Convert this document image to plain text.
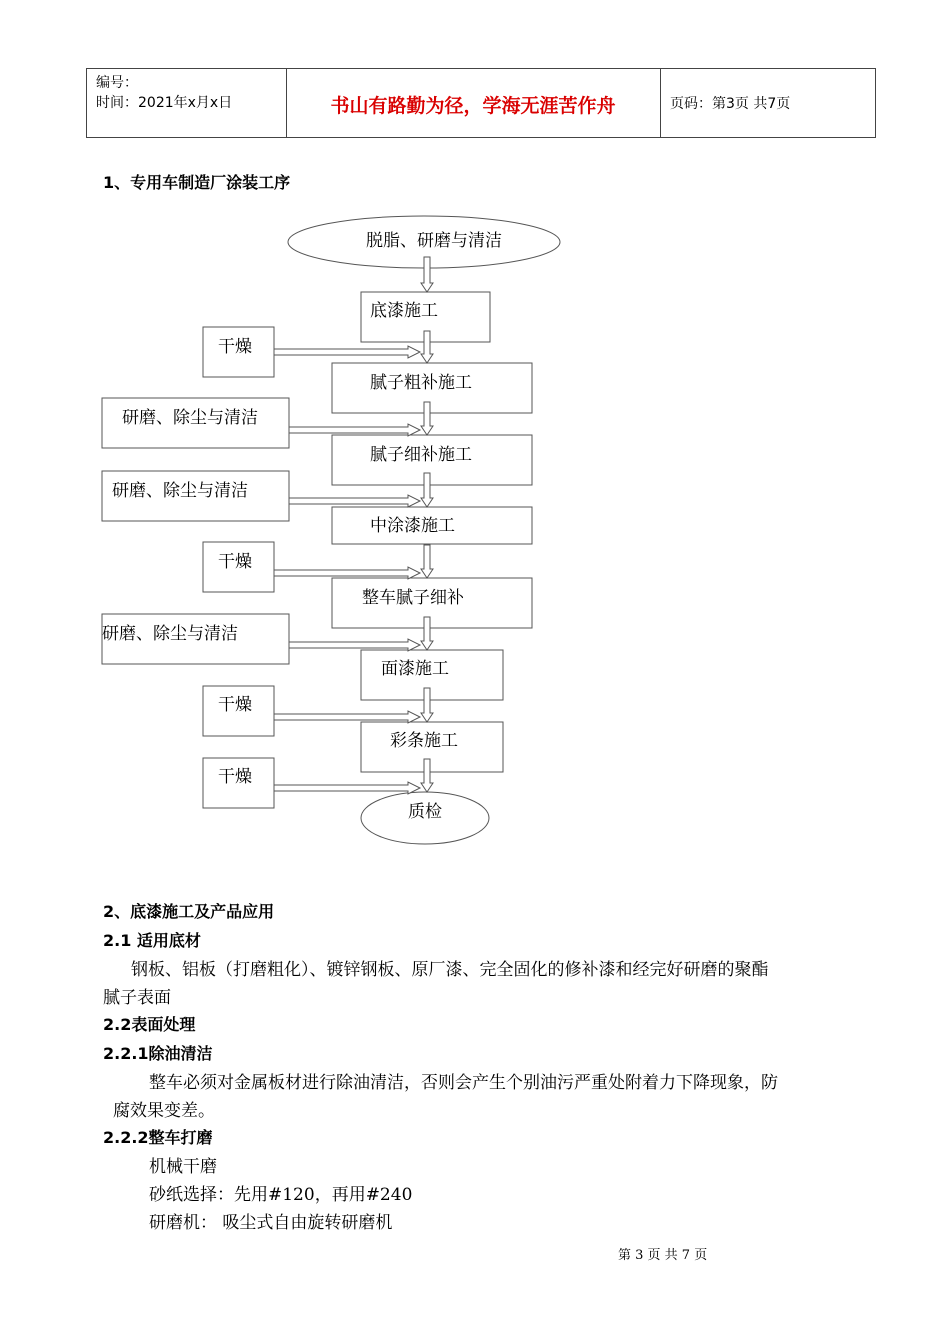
编号：
时间：2021年x月x日	书山有路勤为径，学海无涯苦作舟	页码：第3页 共7页
1、专用车制造厂涂装工序
脱脂、研磨与清洁
底漆施工
腻子粗补施工
腻子细补施工
中涂漆施工
整车腻子细补
面漆施工
彩条施工
质检
干燥
研磨、除尘与清洁
研磨、除尘与清洁
干燥
研磨、除尘与清洁
干燥
干燥
2、底漆施工及产品应用
2.1 适用底材
钢板、铝板（打磨粗化）、镀锌钢板、原厂漆、完全固化的修补漆和经完好研磨的聚酯
腻子表面
2.2表面处理
2.2.1除油清洁
整车必须对金属板材进行除油清洁，否则会产生个别油污严重处附着力下降现象，防
腐效果变差。
2.2.2整车打磨
机械干磨
砂纸选择：先用#120，再用#240
研磨机： 吸尘式自由旋转研磨机
第 3 页 共 7 页
